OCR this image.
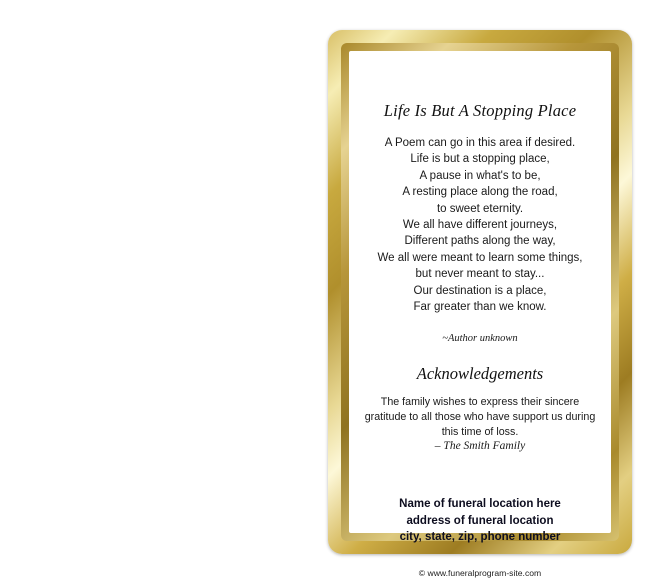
Life Is But A Stopping Place
A Poem can go in this area if desired.
Life is but a stopping place,
A pause in what's to be,
A resting place along the road,
to sweet eternity.
We all have different journeys,
Different paths along the way,
We all were meant to learn some things,
but never meant to stay...
Our destination is a place,
Far greater than we know.
~Author unknown
Acknowledgements
The family wishes to express their sincere
gratitude to all those who have support us during
this time of loss.
– The Smith Family
Name of funeral location here
address of funeral location
city, state, zip, phone number
© www.funeralprogram-site.com
